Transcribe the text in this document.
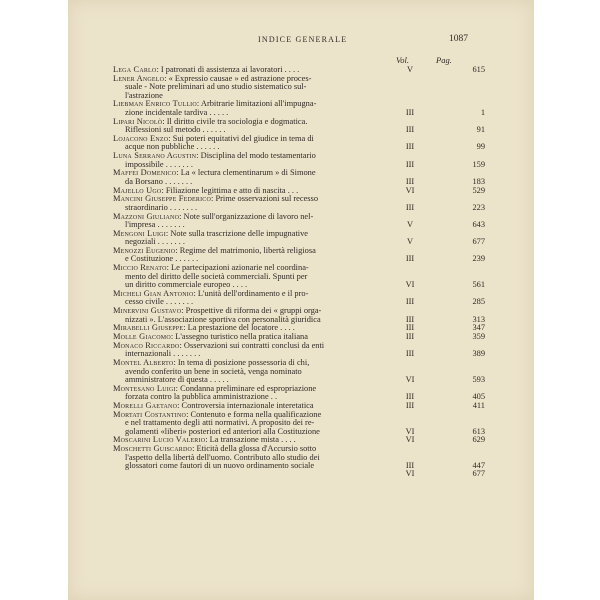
INDICE GENERALE	1087
Vol.	Pag.
Lega Carlo: I patronati di assistenza ai lavoratori . . . .	V	615
Lener Angelo: « Expressio causae » ed astrazione proces-
suale - Note preliminari ad uno studio sistematico sul-
l'astrazione
Liebman Enrico Tullio: Arbitrarie limitazioni all'impugna-
zione incidentale tardiva . . . . .	III	1
Lipari Nicolò: Il diritto civile tra sociologia e dogmatica.
Riflessioni sul metodo . . . . . .	III	91
Lojacono Enzo: Sui poteri equitativi del giudice in tema di
acque non pubbliche . . . . . .	III	99
Luna Serrano Agustin: Disciplina del modo testamentario
impossibile . . . . . . .	III	159
Maffei Domenico: La « lectura clementinarum » di Simone
da Borsano . . . . . . .	III	183
Majello Ugo: Filiazione legittima e atto di nascita . . .	VI	529
Mancini Giuseppe Federico: Prime osservazioni sul recesso
straordinario . . . . . . .	III	223
Mazzoni Giuliano: Note sull'organizzazione di lavoro nel-
l'impresa . . . . . . .	V	643
Mengoni Luigi: Note sulla trascrizione delle impugnative
negoziali . . . . . . .	V	677
Menozzi Eugenio: Regime del matrimonio, libertà religiosa
e Costituzione . . . . . .	III	239
Miccio Renato: Le partecipazioni azionarie nel coordina-
mento del diritto delle società commerciali. Spunti per
un diritto commerciale europeo . . . .	VI	561
Micheli Gian Antonio: L'unità dell'ordinamento e il pro-
cesso civile . . . . . . .	III	285
Minervini Gustavo: Prospettive di riforma dei « gruppi orga-
nizzati ». L'associazione sportiva con personalità giuridica	III	313
Mirabelli Giuseppe: La prestazione del locatore . . . .	III	347
Molle Giacomo: L'assegno turistico nella pratica italiana	III	359
Monaco Riccardo: Osservazioni sui contratti conclusi da enti
internazionali . . . . . . .	III	389
Montel Alberto: In tema di posizione possessoria di chi,
avendo conferito un bene in società, venga nominato
amministratore di questa . . . . .	VI	593
Montesano Luigi: Condanna preliminare ed espropriazione
forzata contro la pubblica amministrazione . .	III	405
Morelli Gaetano: Controversia internazionale interetatica	III	411
Mortati Costantino: Contenuto e forma nella qualificazione
e nel trattamento degli atti normativi. A proposito dei re-
golamenti «liberi» posteriori ed anteriori alla Costituzione	VI	613
Moscarini Lucio Valerio: La transazione mista . . . .	VI	629
Moschetti Guiscardo: Eticità della glossa d'Accursio sotto
l'aspetto della libertà dell'uomo. Contributo allo studio dei
glossatori come fautori di un nuovo ordinamento sociale	III	447
VI	677
